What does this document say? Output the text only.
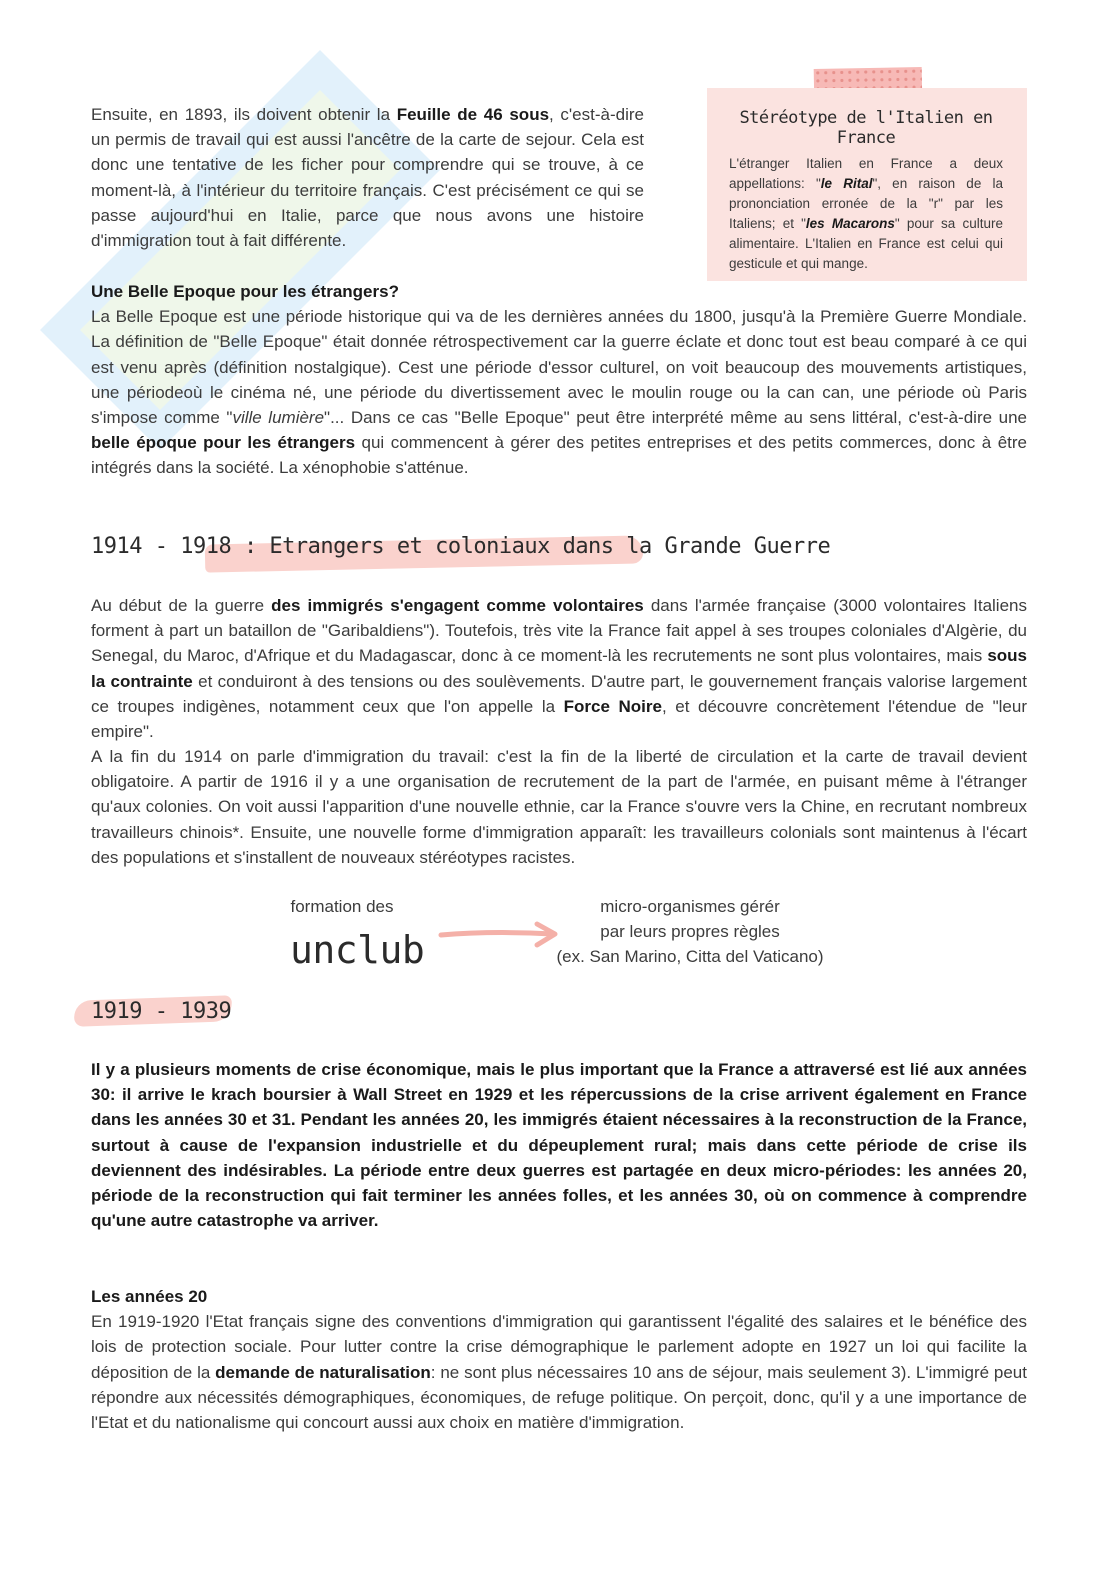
Ensuite, en 1893, ils doivent obtenir la Feuille de 46 sous, c'est-à-dire un permis de travail qui est aussi l'ancêtre de la carte de sejour. Cela est donc une tentative de les ficher pour comprendre qui se trouve, à ce moment-là, à l'intérieur du territoire français. C'est précisément ce qui se passe aujourd'hui en Italie, parce que nous avons une histoire d'immigration tout à fait différente.

Stéréotype de l'Italien en France
L'étranger Italien en France a deux appellations: "le Rital", en raison de la prononciation erronée de la "r" par les Italiens; et "les Macarons" pour sa culture alimentaire. L'Italien en France est celui qui gesticule et qui mange.

Une Belle Epoque pour les étrangers?
La Belle Epoque est une période historique qui va de les dernières années du 1800, jusqu'à la Première Guerre Mondiale. La définition de "Belle Epoque" était donnée rétrospectivement car la guerre éclate et donc tout est beau comparé à ce qui est venu après (définition nostalgique). Cest une période d'essor culturel, on voit beaucoup des mouvements artistiques, une périodeoù le cinéma né, une période du divertissement avec le moulin rouge ou la can can, une période où Paris s'impose comme "ville lumière"... Dans ce cas "Belle Epoque" peut être interprété même au sens littéral, c'est-à-dire une belle époque pour les étrangers qui commencent à gérer des petites entreprises et des petits commerces, donc à être intégrés dans la société. La xénophobie s'atténue.

1914 - 1918 : Etrangers et coloniaux dans la Grande Guerre

Au début de la guerre des immigrés s'engagent comme volontaires dans l'armée française (3000 volontaires Italiens forment à part un bataillon de "Garibaldiens"). Toutefois, très vite la France fait appel à ses troupes coloniales d'Algèrie, du Senegal, du Maroc, d'Afrique et du Madagascar, donc à ce moment-là les recrutements ne sont plus volontaires, mais sous la contrainte et conduiront à des tensions ou des soulèvements. D'autre part, le gouvernement français valorise largement ce troupes indigènes, notamment ceux que l'on appelle la Force Noire, et découvre concrètement l'étendue de "leur empire".

A la fin du 1914 on parle d'immigration du travail: c'est la fin de la liberté de circulation et la carte de travail devient obligatoire. A partir de 1916 il y a une organisation de recrutement de la part de l'armée, en puisant même à l'étranger qu'aux colonies. On voit aussi l'apparition d'une nouvelle ethnie, car la France s'ouvre vers la Chine, en recrutant nombreux travailleurs chinois*. Ensuite, une nouvelle forme d'immigration apparaît: les travailleurs colonials sont maintenus à l'écart des populations et s'installent de nouveaux stéréotypes racistes.

formation des
unclub
micro-organismes gérér
par leurs propres règles
(ex. San Marino, Citta del Vaticano)
1919 - 1939

Il y a plusieurs moments de crise économique, mais le plus important que la France a attraversé est lié aux années 30: il arrive le krach boursier à Wall Street en 1929 et les répercussions de la crise arrivent également en France dans les années 30 et 31. Pendant les années 20, les immigrés étaient nécessaires à la reconstruction de la France, surtout à cause de l'expansion industrielle et du dépeuplement rural; mais dans cette période de crise ils deviennent des indésirables. La période entre deux guerres est partagée en deux micro-périodes: les années 20, période de la reconstruction qui fait terminer les années folles, et les années 30, où on commence à comprendre qu'une autre catastrophe va arriver.

Les années 20
En 1919-1920 l'Etat français signe des conventions d'immigration qui garantissent l'égalité des salaires et le bénéfice des lois de protection sociale. Pour lutter contre la crise démographique le parlement adopte en 1927 un loi qui facilite la déposition de la demande de naturalisation: ne sont plus nécessaires 10 ans de séjour, mais seulement 3). L'immigré peut répondre aux nécessités démographiques, économiques, de refuge politique. On perçoit, donc, qu'il y a une importance de l'Etat et du nationalisme qui concourt aussi aux choix en matière d'immigration.
